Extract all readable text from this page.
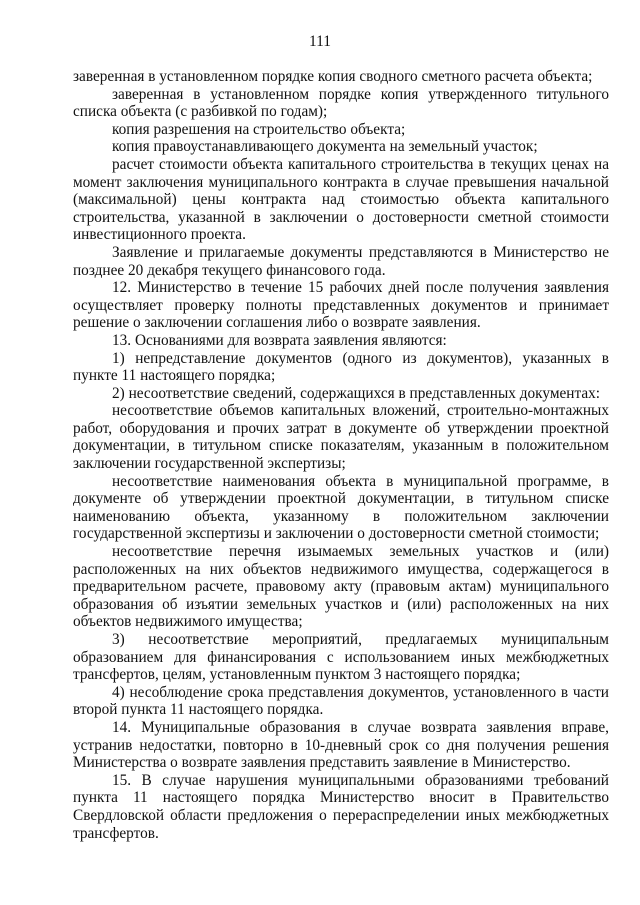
111

заверенная в установленном порядке копия сводного сметного расчета объекта;

заверенная в установленном порядке копия утвержденного титульного списка объекта (с разбивкой по годам);

копия разрешения на строительство объекта;

копия правоустанавливающего документа на земельный участок;

расчет стоимости объекта капитального строительства в текущих ценах на момент заключения муниципального контракта в случае превышения начальной (максимальной) цены контракта над стоимостью объекта капитального строительства, указанной в заключении о достоверности сметной стоимости инвестиционного проекта.

Заявление и прилагаемые документы представляются в Министерство не позднее 20 декабря текущего финансового года.

12. Министерство в течение 15 рабочих дней после получения заявления осуществляет проверку полноты представленных документов и принимает решение о заключении соглашения либо о возврате заявления.

13. Основаниями для возврата заявления являются:

1) непредставление документов (одного из документов), указанных в пункте 11 настоящего порядка;

2) несоответствие сведений, содержащихся в представленных документах:

несоответствие объемов капитальных вложений, строительно-монтажных работ, оборудования и прочих затрат в документе об утверждении проектной документации, в титульном списке показателям, указанным в положительном заключении государственной экспертизы;

несоответствие наименования объекта в муниципальной программе, в документе об утверждении проектной документации, в титульном списке наименованию объекта, указанному в положительном заключении государственной экспертизы и заключении о достоверности сметной стоимости;

несоответствие перечня изымаемых земельных участков и (или) расположенных на них объектов недвижимого имущества, содержащегося в предварительном расчете, правовому акту (правовым актам) муниципального образования об изъятии земельных участков и (или) расположенных на них объектов недвижимого имущества;

3) несоответствие мероприятий, предлагаемых муниципальным образованием для финансирования с использованием иных межбюджетных трансфертов, целям, установленным пунктом 3 настоящего порядка;

4) несоблюдение срока представления документов, установленного в части второй пункта 11 настоящего порядка.

14. Муниципальные образования в случае возврата заявления вправе, устранив недостатки, повторно в 10-дневный срок со дня получения решения Министерства о возврате заявления представить заявление в Министерство.

15. В случае нарушения муниципальными образованиями требований пункта 11 настоящего порядка Министерство вносит в Правительство Свердловской области предложения о перераспределении иных межбюджетных трансфертов.
